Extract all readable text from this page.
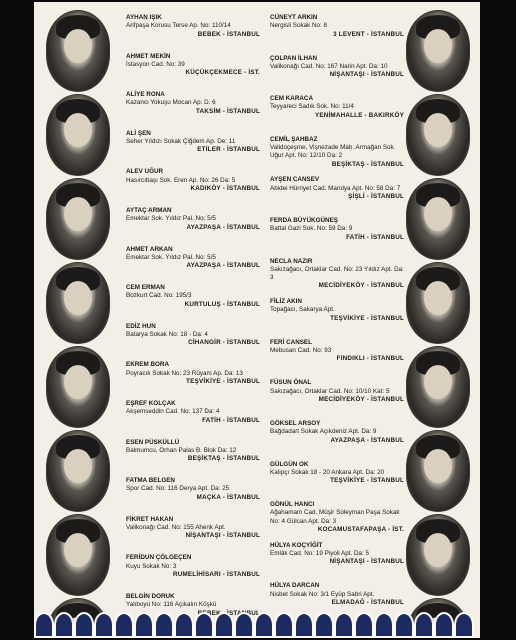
AYHAN IŞIK
Arifpaşa Korusu Terse Ap. No: 110/14
BEBEK - İSTANBUL
AHMET MEKİN
İstasyon Cad. No: 39
KÜÇÜKÇEKMECE - İST.
ALİYE RONA
Kazancı Yokuşu Mocan Ap. D. 6
TAKSİM - İSTANBUL
ALİ ŞEN
Seher Yıldızı Sokak Çiğdem Ap. De: 11
ETİLER - İSTANBUL
ALEV UĞUR
Hasırcıbaşı Sok. Eren Ap. No: 26 Da: 5
KADIKÖY - İSTANBUL
AYTAÇ ARMAN
Emektar Sok. Yıldız Pal. No: 5/5
AYAZPAŞA - İSTANBUL
AHMET ARKAN
Emektar Sok. Yıldız Pal. No: 5/5
AYAZPAŞA - İSTANBUL
CEM ERMAN
Bozkurt Cad. No: 195/3
KURTULUŞ - İSTANBUL
EDİZ HUN
Batarya Sokak No: 18 - Da: 4
CİHANGİR - İSTANBUL
EKREM BORA
Poyracık Sokak No: 23 Rüyam Ap. Da: 13
TEŞVİKİYE - İSTANBUL
EŞREF KOLÇAK
Akşemseddin Cad. No: 137 Da: 4
FATİH - İSTANBUL
ESEN PÜSKÜLLÜ
Balmumcu, Orhan Palas B. Blok Da: 12
BEŞİKTAŞ - İSTANBUL
FATMA BELGEN
Spor Cad. No: 116 Derya Apt. Da: 25
MAÇKA - İSTANBUL
FİKRET HAKAN
Valikonağı Cad. No: 155 Ahenk Apt.
NİŞANTAŞI - İSTANBUL
FERİDUN ÇÖLGEÇEN
Kuyu Sokak No: 3
RUMELİHİSARI - İSTANBUL
BELGİN DORUK
Yalıboyu No: 116 Açıkalın Köşkü
CÜNEYT ARKIN
Nergisli Sokak No: 8
3 LEVENT - İSTANBUL
ÇOLPAN İLHAN
Valikonağı Cad. No: 167 Narin Apt. Da: 10
NİŞANTAŞI - İSTANBUL
CEM KARACA
Teyyareci Sadık Sok. No: 11/4
YENİMAHALLE - BAKIRKÖY
CEMİL ŞAHBAZ
Validoçeşme, Vişnezade Mah. Armağan Sok. Uğur Apt. No: 12/10 Da: 2
BEŞİKTAŞ - İSTANBUL
AYŞEN CANSEV
Abidei Hürriyet Cad. Marolya Apt. No: 58 Da: 7
ŞİŞLİ - İSTANBUL
FERDA BÜYÜKGÜNEŞ
Battal Gazi Sok. No: 59 Da: 9
FATİH - İSTANBUL
NECLA NAZIR
Sakızağacı, Ortaklar Cad. No: 23 Yıldız Apt. Da: 3
MECİDİYEKÖY - İSTANBUL
FİLİZ AKIN
Topağacı, Sakarya Apt.
TEŞVİKİYE - İSTANBUL
FERİ CANSEL
Mebusan Cad. No: 93
FINDIKLI - İSTANBUL
FÜSUN ÖNAL
Sakızağacı, Ortaklar Cad. No: 10/10 Kat: 5
MECİDİYEKÖY - İSTANBUL
GÖKSEL ARSOY
Bağdadart Sokak Açıkdeniz Apt. Da: 9
AYAZPAŞA - İSTANBUL
GÜLGÜN OK
Kalıpçı Sokak 18 - 20 Ankara Apt. Da: 20
TEŞVİKİYE - İSTANBUL
GÖNÜL HANCI
Ağahamam Cad. Müşir Süleyman Paşa Sokak No: 4 Gülcan Apt. Da: 3
KOCAMUSTAFAPAŞA - İST.
HÜLYA KOÇYİĞİT
Emlâk Cad. No: 19 Piyoli Apt. Da: 5
NİŞANTAŞI - İSTANBUL
HÜLYA DARCAN
Nisbet Sokak No: 3/1 Eyüp Sabri Apt.
ELMADAĞ - İSTANBUL
